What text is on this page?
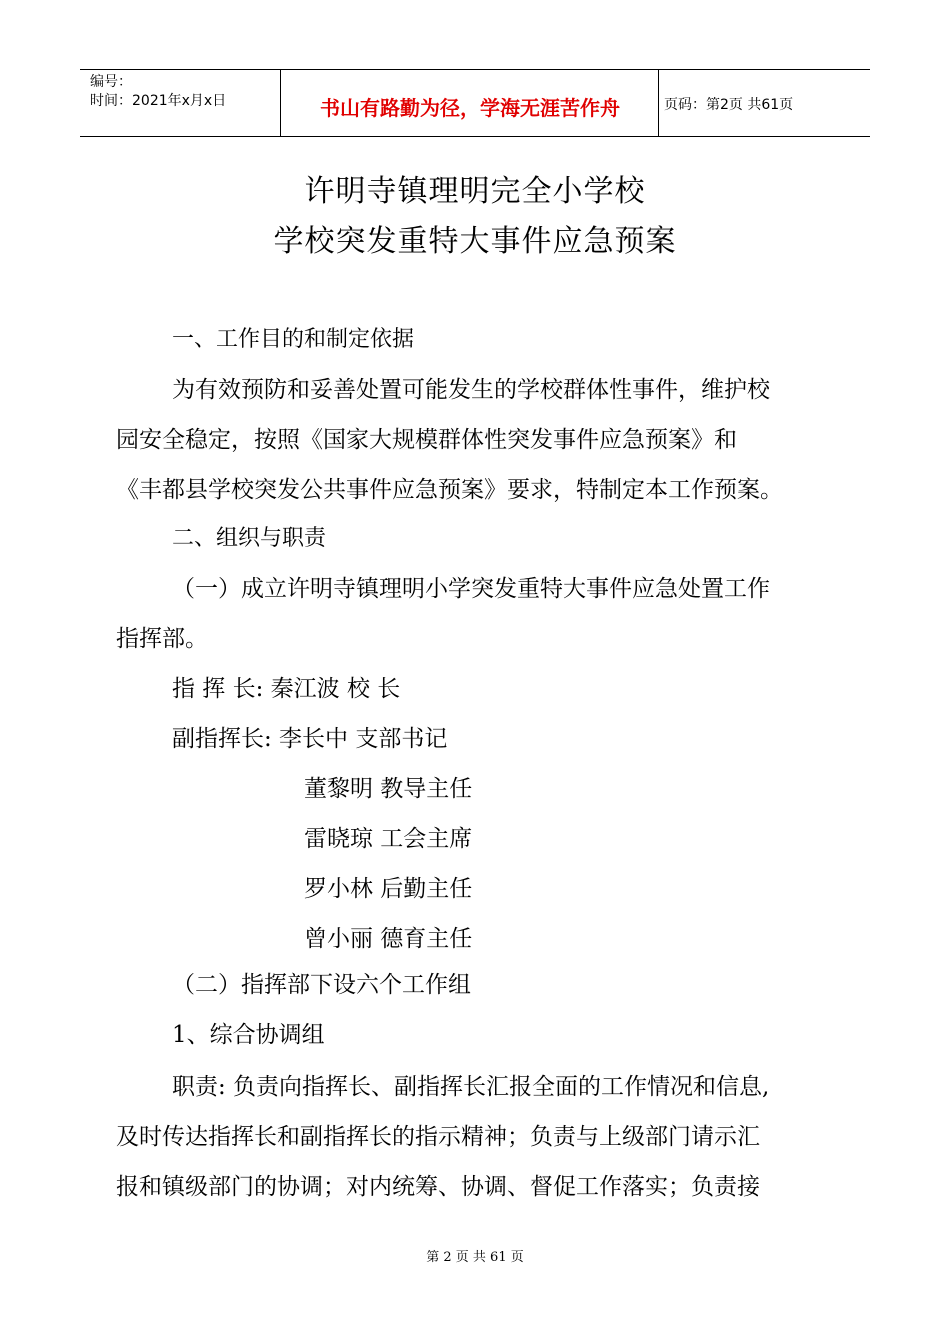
编号：
时间：2021年x月x日	书山有路勤为径，学海无涯苦作舟	页码：第2页 共61页
许明寺镇理明完全小学校
学校突发重特大事件应急预案
一、工作目的和制定依据
为有效预防和妥善处置可能发生的学校群体性事件，维护校
园安全稳定，按照《国家大规模群体性突发事件应急预案》和
《丰都县学校突发公共事件应急预案》要求，特制定本工作预案。
二、组织与职责
（一）成立许明寺镇理明小学突发重特大事件应急处置工作
指挥部。
指 挥 长: 秦江波 校 长
副指挥长: 李长中 支部书记
董黎明 教导主任
雷晓琼 工会主席
罗小林 后勤主任
曾小丽 德育主任
（二）指挥部下设六个工作组
1、综合协调组
职责: 负责向指挥长、副指挥长汇报全面的工作情况和信息,
及时传达指挥长和副指挥长的指示精神；负责与上级部门请示汇
报和镇级部门的协调；对内统筹、协调、督促工作落实；负责接
第 2 页 共 61 页
